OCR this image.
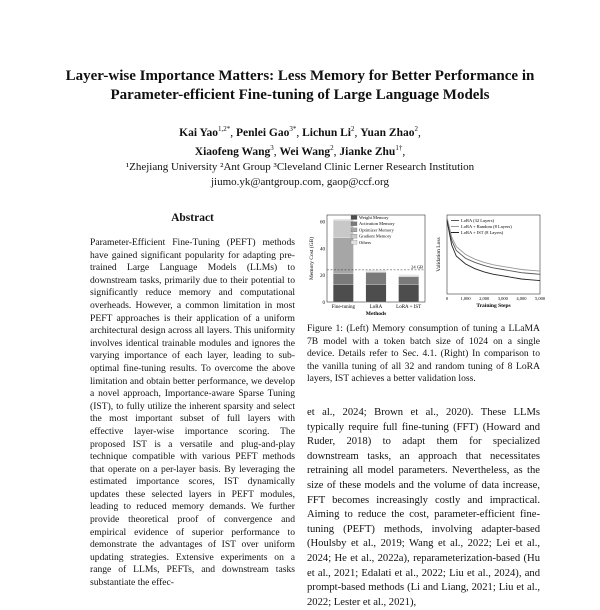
Layer-wise Importance Matters: Less Memory for Better Performance in
Parameter-efficient Fine-tuning of Large Language Models
Kai Yao$^{1,2*}$, Penlei Gao$^{3*}$, Lichun Li$^2$, Yuan Zhao$^2$,
Xiaofeng Wang$^3$, Wei Wang$^2$, Jianke Zhu$^{1\dagger}$,
¹Zhejiang University ²Ant Group ³Cleveland Clinic Lerner Research Institution
jiumo.yk@antgroup.com, gaop@ccf.org
Abstract

Parameter-Efficient Fine-Tuning (PEFT) methods have gained significant popularity for adapting pre-trained Large Language Models (LLMs) to downstream tasks, primarily due to their potential to significantly reduce memory and computational overheads. However, a common limitation in most PEFT approaches is their application of a uniform architectural design across all layers. This uniformity involves identical trainable modules and ignores the varying importance of each layer, leading to sub-optimal fine-tuning results. To overcome the above limitation and obtain better performance, we develop a novel approach, Importance-aware Sparse Tuning (IST), to fully utilize the inherent sparsity and select the most important subset of full layers with effective layer-wise importance scoring. The proposed IST is a versatile and plug-and-play technique compatible with various PEFT methods that operate on a per-layer basis. By leveraging the estimated importance scores, IST dynamically updates these selected layers in PEFT modules, leading to reduced memory demands. We further provide theoretical proof of convergence and empirical evidence of superior performance to demonstrate the advantages of IST over uniform updating strategies. Extensive experiments on a range of LLMs, PEFTs, and downstream tasks substantiate the effec-

0
20
40
60
Memory Cost (GB)
Methods
Fine-tuning	LoRA	LoRA + IST
24 GB
Weight Memory
Activation Memory
Optimizer Memory
Gradient Memory
Others
0	1,000 2,000 3,000 4,000 5,000
Training Steps
Validation Loss
LoRA (32 Layers)
LoRA + Random (8 Layers)
LoRA + IST (8 Layers)
Figure 1: (Left) Memory consumption of tuning a LLaMA 7B model with a token batch size of 1024 on a single device. Details refer to Sec. 4.1. (Right) In comparison to the vanilla tuning of all 32 and random tuning of 8 LoRA layers, IST achieves a better validation loss.
et al., 2024; Brown et al., 2020). These LLMs typically require full fine-tuning (FFT) (Howard and Ruder, 2018) to adapt them for specialized downstream tasks, an approach that necessitates retraining all model parameters. Nevertheless, as the size of these models and the volume of data increase, FFT becomes increasingly costly and impractical. Aiming to reduce the cost, parameter-efficient fine-tuning (PEFT) methods, involving adapter-based (Houlsby et al., 2019; Wang et al., 2022; Lei et al., 2024; He et al., 2022a), reparameterization-based (Hu et al., 2021; Edalati et al., 2022; Liu et al., 2024), and prompt-based methods (Li and Liang, 2021; Liu et al., 2022; Lester et al., 2021),
